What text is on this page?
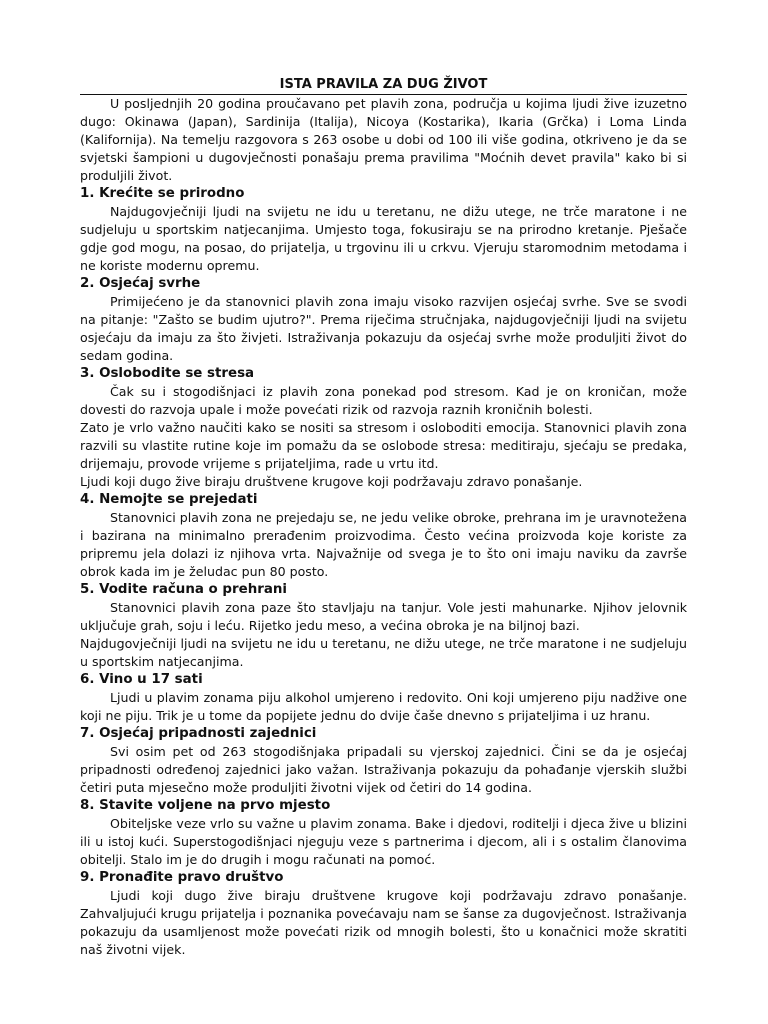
ISTA PRAVILA ZA DUG ŽIVOT

U posljednjih 20 godina proučavano pet plavih zona, područja u kojima ljudi žive izuzetno dugo: Okinawa (Japan), Sardinija (Italija), Nicoya (Kostarika), Ikaria (Grčka) i Loma Linda (Kalifornija). Na temelju razgovora s 263 osobe u dobi od 100 ili više godina, otkriveno je da se svjetski šampioni u dugovječnosti ponašaju prema pravilima "Moćnih devet pravila" kako bi si produljili život.

1. Krećite se prirodno

Najdugovječniji ljudi na svijetu ne idu u teretanu, ne dižu utege, ne trče maratone i ne sudjeluju u sportskim natjecanjima. Umjesto toga, fokusiraju se na prirodno kretanje. Pješače gdje god mogu, na posao, do prijatelja, u trgovinu ili u crkvu. Vjeruju staromodnim metodama i ne koriste modernu opremu.

2. Osjećaj svrhe

Primijećeno je da stanovnici plavih zona imaju visoko razvijen osjećaj svrhe. Sve se svodi na pitanje: "Zašto se budim ujutro?". Prema riječima stručnjaka, najdugovječniji ljudi na svijetu osjećaju da imaju za što živjeti. Istraživanja pokazuju da osjećaj svrhe može produljiti život do sedam godina.

3. Oslobodite se stresa

Čak su i stogodišnjaci iz plavih zona ponekad pod stresom. Kad je on kroničan, može dovesti do razvoja upale i može povećati rizik od razvoja raznih kroničnih bolesti.

Zato je vrlo važno naučiti kako se nositi sa stresom i osloboditi emocija. Stanovnici plavih zona razvili su vlastite rutine koje im pomažu da se oslobode stresa: meditiraju, sjećaju se predaka, drijemaju, provode vrijeme s prijateljima, rade u vrtu itd.

Ljudi koji dugo žive biraju društvene krugove koji podržavaju zdravo ponašanje.

4. Nemojte se prejedati

Stanovnici plavih zona ne prejedaju se, ne jedu velike obroke, prehrana im je uravnotežena i bazirana na minimalno prerađenim proizvodima. Često većina proizvoda koje koriste za pripremu jela dolazi iz njihova vrta. Najvažnije od svega je to što oni imaju naviku da završe obrok kada im je želudac pun 80 posto.

5. Vodite računa o prehrani

Stanovnici plavih zona paze što stavljaju na tanjur. Vole jesti mahunarke. Njihov jelovnik uključuje grah, soju i leću. Rijetko jedu meso, a većina obroka je na biljnoj bazi.

Najdugovječniji ljudi na svijetu ne idu u teretanu, ne dižu utege, ne trče maratone i ne sudjeluju u sportskim natjecanjima.

6. Vino u 17 sati

Ljudi u plavim zonama piju alkohol umjereno i redovito. Oni koji umjereno piju nadžive one koji ne piju. Trik je u tome da popijete jednu do dvije čaše dnevno s prijateljima i uz hranu.

7. Osjećaj pripadnosti zajednici

Svi osim pet od 263 stogodišnjaka pripadali su vjerskoj zajednici. Čini se da je osjećaj pripadnosti određenoj zajednici jako važan. Istraživanja pokazuju da pohađanje vjerskih službi četiri puta mjesečno može produljiti životni vijek od četiri do 14 godina.

8. Stavite voljene na prvo mjesto

Obiteljske veze vrlo su važne u plavim zonama. Bake i djedovi, roditelji i djeca žive u blizini ili u istoj kući. Superstogodišnjaci njeguju veze s partnerima i djecom, ali i s ostalim članovima obitelji. Stalo im je do drugih i mogu računati na pomoć.

9. Pronađite pravo društvo

Ljudi koji dugo žive biraju društvene krugove koji podržavaju zdravo ponašanje. Zahvaljujući krugu prijatelja i poznanika povećavaju nam se šanse za dugovječnost. Istraživanja pokazuju da usamljenost može povećati rizik od mnogih bolesti, što u konačnici može skratiti naš životni vijek.
